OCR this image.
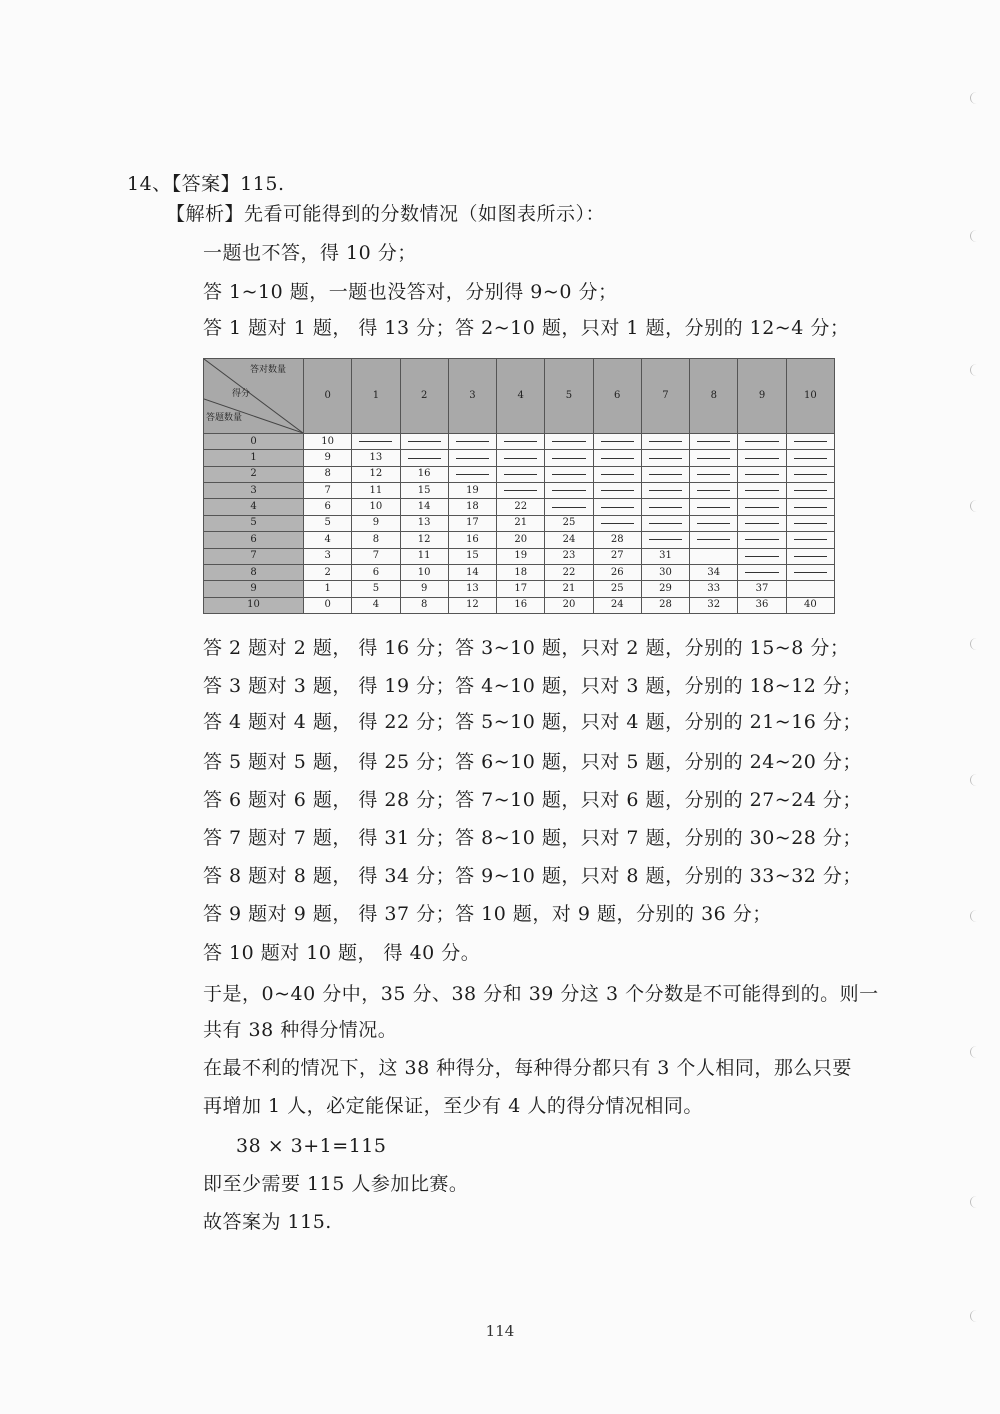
14、【答案】115.
【解析】先看可能得到的分数情况（如图表所示）：
一题也不答，得 10 分；
答 1~10 题，一题也没答对，分别得 9~0 分；
答 1 题对 1 题， 得 13 分；答 2~10 题，只对 1 题，分别的 12~4 分；
答对数量
得分
答题数量	0	1	2	3	4	5	6	7	8	9	10
0	10	

1	9	13	

2	8	12	16	

3	7	11	15	19	

4	6	10	14	18	22	

5	5	9	13	17	21	25	

6	4	8	12	16	20	24	28	

7	3	7	11	15	19	23	27	31		

8	2	6	10	14	18	22	26	30	34	

9	1	5	9	13	17	21	25	29	33	37	
10	0	4	8	12	16	20	24	28	32	36	40
答 2 题对 2 题， 得 16 分；答 3~10 题，只对 2 题，分别的 15~8 分；
答 3 题对 3 题， 得 19 分；答 4~10 题，只对 3 题，分别的 18~12 分；
答 4 题对 4 题， 得 22 分；答 5~10 题，只对 4 题，分别的 21~16 分；
答 5 题对 5 题， 得 25 分；答 6~10 题，只对 5 题，分别的 24~20 分；
答 6 题对 6 题， 得 28 分；答 7~10 题，只对 6 题，分别的 27~24 分；
答 7 题对 7 题， 得 31 分；答 8~10 题，只对 7 题，分别的 30~28 分；
答 8 题对 8 题， 得 34 分；答 9~10 题，只对 8 题，分别的 33~32 分；
答 9 题对 9 题， 得 37 分；答 10 题，对 9 题，分别的 36 分；
答 10 题对 10 题， 得 40 分。
于是，0~40 分中，35 分、38 分和 39 分这 3 个分数是不可能得到的。则一
共有 38 种得分情况。
在最不利的情况下，这 38 种得分，每种得分都只有 3 个人相同，那么只要
再增加 1 人，必定能保证，至少有 4 人的得分情况相同。
38 × 3+1=115
即至少需要 115 人参加比赛。
故答案为 115.
114
